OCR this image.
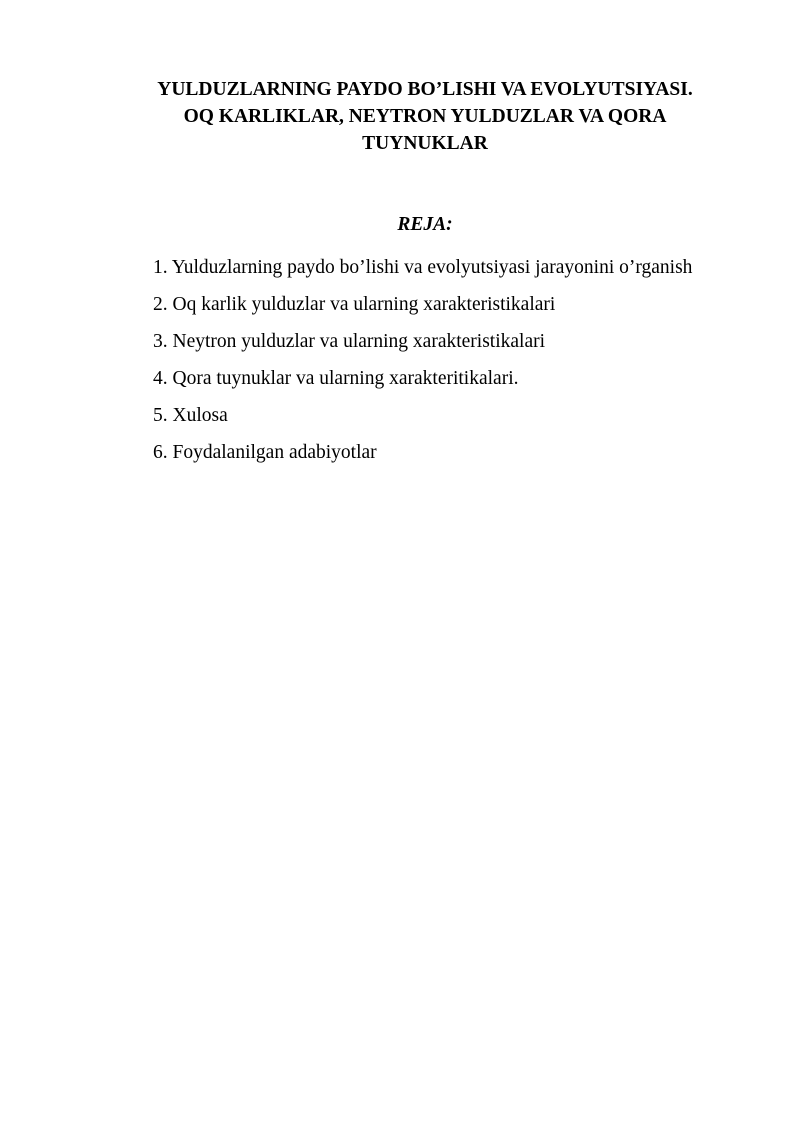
YULDUZLARNING PAYDO BO’LISHI VA EVOLYUTSIYASI.
OQ KARLIKLAR, NEYTRON YULDUZLAR VA QORA
TUYNUKLAR
REJA:
1. Yulduzlarning paydo bo’lishi va evolyutsiyasi jarayonini o’rganish
2. Oq karlik yulduzlar va ularning xarakteristikalari
3. Neytron yulduzlar va ularning xarakteristikalari
4. Qora tuynuklar va ularning xarakteritikalari.
5. Xulosa
6. Foydalanilgan adabiyotlar
